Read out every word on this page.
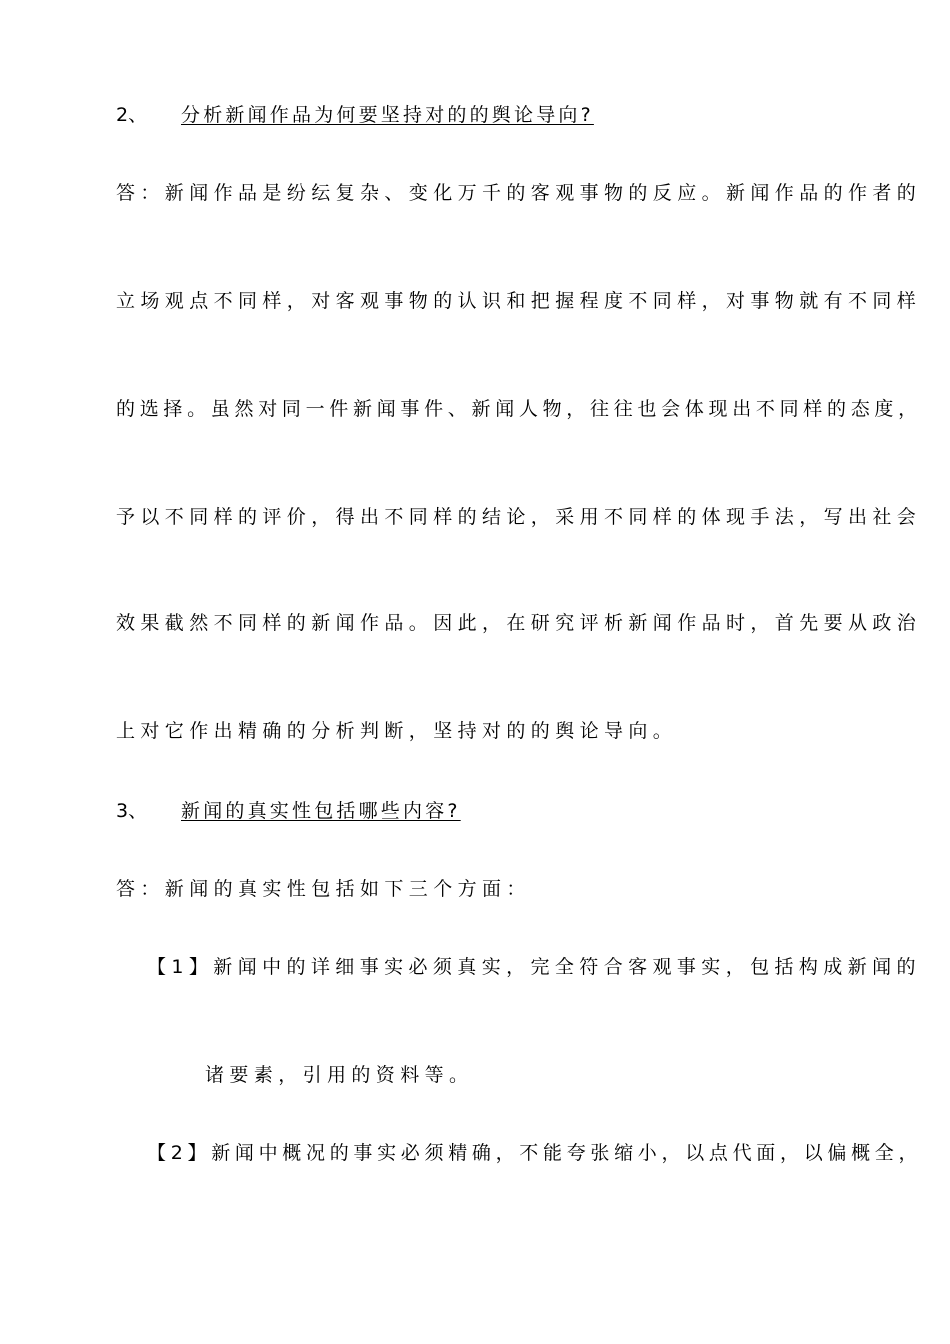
2、 分析新闻作品为何要坚持对的的舆论导向?
答：新闻作品是纷纭复杂、变化万千的客观事物的反应。新闻作品的作者的
立场观点不同样，对客观事物的认识和把握程度不同样，对事物就有不同样
的选择。虽然对同一件新闻事件、新闻人物，往往也会体现出不同样的态度，
予以不同样的评价，得出不同样的结论，采用不同样的体现手法，写出社会
效果截然不同样的新闻作品。因此，在研究评析新闻作品时，首先要从政治
上对它作出精确的分析判断，坚持对的的舆论导向。
3、 新闻的真实性包括哪些内容?
答：新闻的真实性包括如下三个方面：
【1】新闻中的详细事实必须真实，完全符合客观事实，包括构成新闻的
诸要素，引用的资料等。
【2】新闻中概况的事实必须精确，不能夸张缩小，以点代面，以偏概全，
